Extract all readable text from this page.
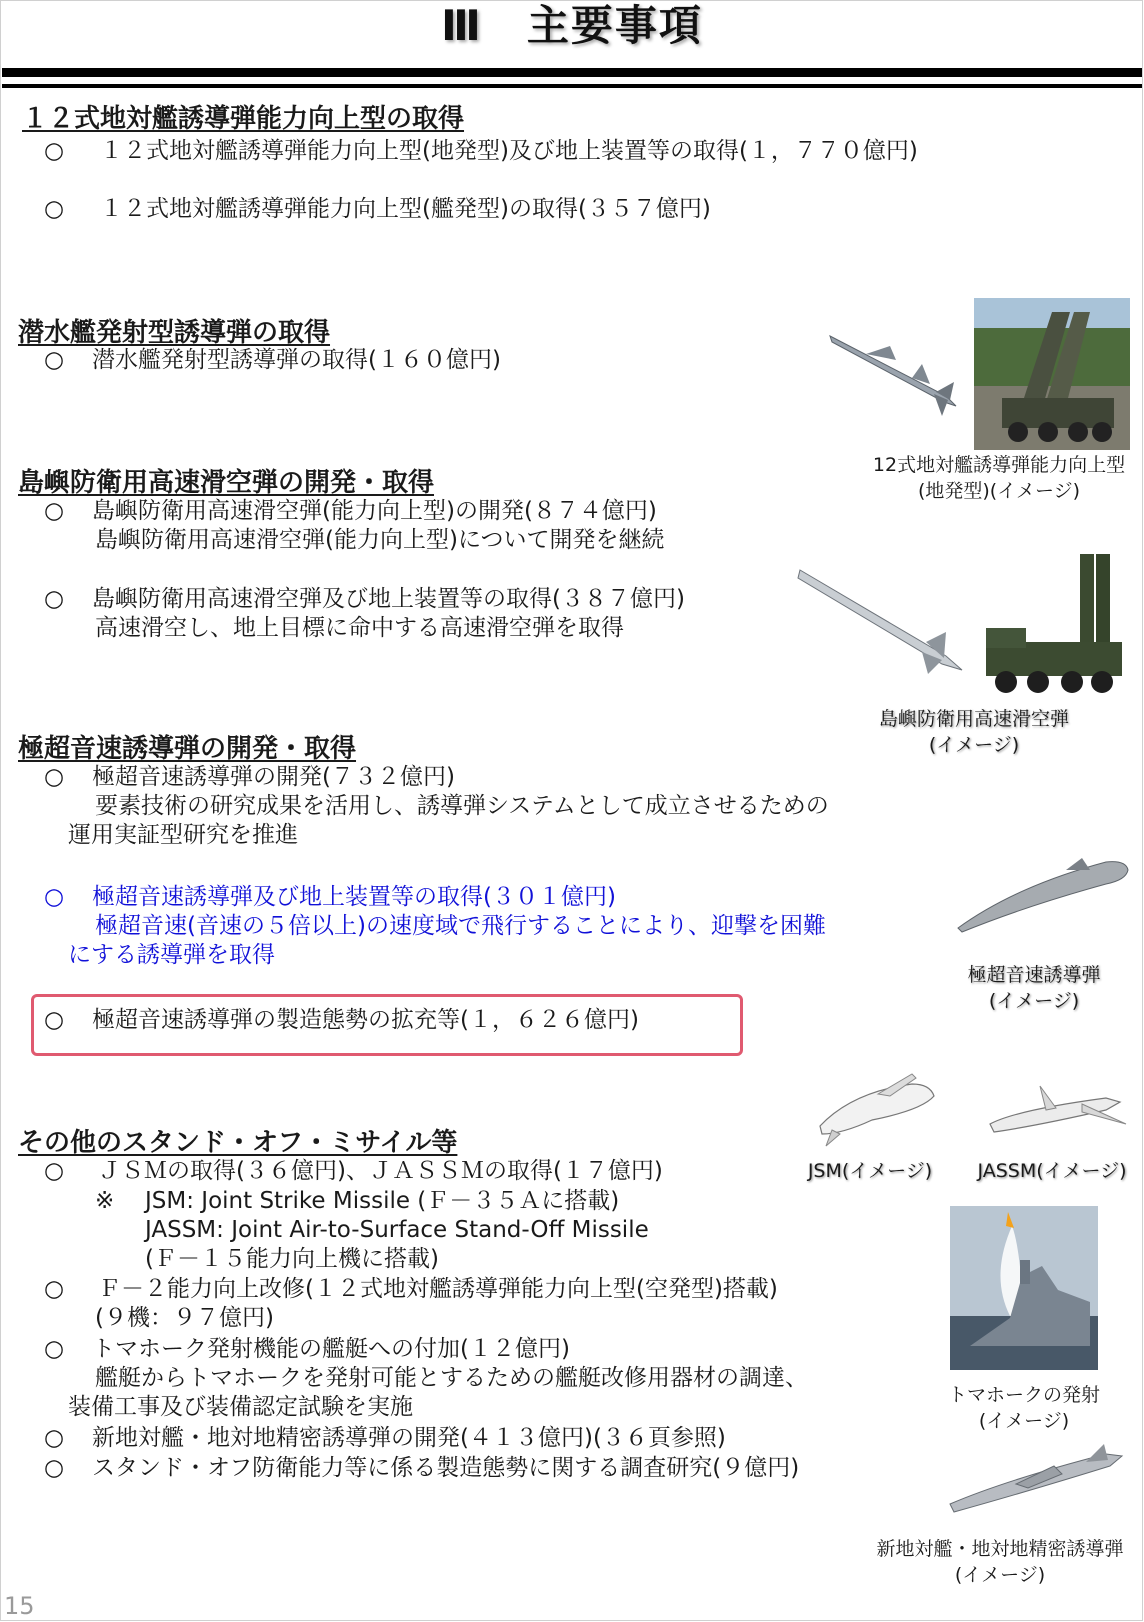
Ⅲ　主要事項
１２式地対艦誘導弾能力向上型の取得
○ １２式地対艦誘導弾能力向上型(地発型)及び地上装置等の取得(１，７７０億円)
○ １２式地対艦誘導弾能力向上型(艦発型)の取得(３５７億円)
潜水艦発射型誘導弾の取得
○ 潜水艦発射型誘導弾の取得(１６０億円)
島嶼防衛用高速滑空弾の開発・取得
○ 島嶼防衛用高速滑空弾(能力向上型)の開発(８７４億円)
島嶼防衛用高速滑空弾(能力向上型)について開発を継続
○ 島嶼防衛用高速滑空弾及び地上装置等の取得(３８７億円)
高速滑空し、地上目標に命中する高速滑空弾を取得
極超音速誘導弾の開発・取得
○ 極超音速誘導弾の開発(７３２億円)
要素技術の研究成果を活用し、誘導弾システムとして成立させるための
運用実証型研究を推進
○ 極超音速誘導弾及び地上装置等の取得(３０１億円)
極超音速(音速の５倍以上)の速度域で飛行することにより、迎撃を困難
にする誘導弾を取得
○ 極超音速誘導弾の製造態勢の拡充等(１，６２６億円)
その他のスタンド・オフ・ミサイル等
○ ＪＳＭの取得(３６億円)、ＪＡＳＳＭの取得(１７億円)
※ JSM: Joint Strike Missile (Ｆ－３５Ａに搭載)
JASSM: Joint Air-to-Surface Stand-Off Missile
(Ｆ－１５能力向上機に搭載)
○ Ｆ－２能力向上改修(１２式地対艦誘導弾能力向上型(空発型)搭載)
(９機：９７億円)
○ トマホーク発射機能の艦艇への付加(１２億円)
艦艇からトマホークを発射可能とするための艦艇改修用器材の調達、
装備工事及び装備認定試験を実施
○ 新地対艦・地対地精密誘導弾の開発(４１３億円)(３６頁参照)
○ スタンド・オフ防衛能力等に係る製造態勢に関する調査研究(９億円)
12式地対艦誘導弾能力向上型
(地発型)(イメージ)
島嶼防衛用高速滑空弾
(イメージ)
極超音速誘導弾
(イメージ)
JSM(イメージ)	JASSM(イメージ)
トマホークの発射
(イメージ)
新地対艦・地対地精密誘導弾
(イメージ)
15
